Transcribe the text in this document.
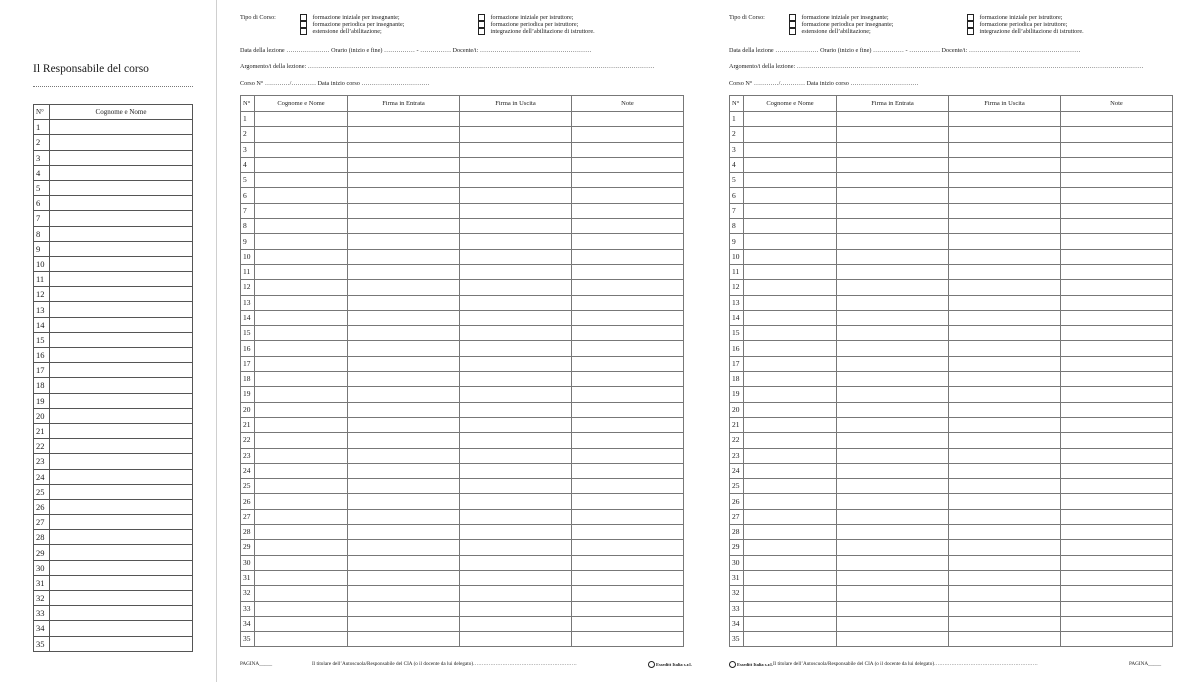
Il Responsabile del corso
N°	Cognome e Nome
1	
2	
3	
4	
5	
6	
7	
8	
9	
10	
11	
12	
13	
14	
15	
16	
17	
18	
19	
20	
21	
22	
23	
24	
25	
26	
27	
28	
29	
30	
31	
32	
33	
34	
35	
Tipo di Corso:	formazione iniziale per insegnante;
formazione periodica per insegnante;
estensione dell’abilitazione;
formazione iniziale per istruttore;
formazione periodica per istruttore;
integrazione dell’abilitazione di istruttore.
Data della lezione ………………… Orario (inizio e fine) …………… - …………… Docente/i: ………………………………………………
Argomento/i della lezione: ……………………………………………………………………………………………………………………………………………………
Corso N° …………/………… Data inizio corso ……………………………
N°	Cognome e Nome	Firma in Entrata	Firma in Uscita	Note
1				
2				
3				
4				
5				
6				
7				
8				
9				
10				
11				
12				
13				
14				
15				
16				
17				
18				
19				
20				
21				
22				
23				
24				
25				
26				
27				
28				
29				
30				
31				
32				
33				
34				
35				
PAGINA_____	Il titolare dell’Autoscuola/Responsabile del CIA (o il docente da lui delegato)……………………………………………………	Esseditt Italia s.r.l.
Tipo di Corso:	formazione iniziale per insegnante;
formazione periodica per insegnante;
estensione dell’abilitazione;
formazione iniziale per istruttore;
formazione periodica per istruttore;
integrazione dell’abilitazione di istruttore.
Data della lezione ………………… Orario (inizio e fine) …………… - …………… Docente/i: ………………………………………………
Argomento/i della lezione: ……………………………………………………………………………………………………………………………………………………
Corso N° …………/………… Data inizio corso ……………………………
N°	Cognome e Nome	Firma in Entrata	Firma in Uscita	Note
1				
2				
3				
4				
5				
6				
7				
8				
9				
10				
11				
12				
13				
14				
15				
16				
17				
18				
19				
20				
21				
22				
23				
24				
25				
26				
27				
28				
29				
30				
31				
32				
33				
34				
35				
Esseditt Italia s.r.l. Il titolare dell’Autoscuola/Responsabile del CIA (o il docente da lui delegato)……………………………………………………	PAGINA_____
